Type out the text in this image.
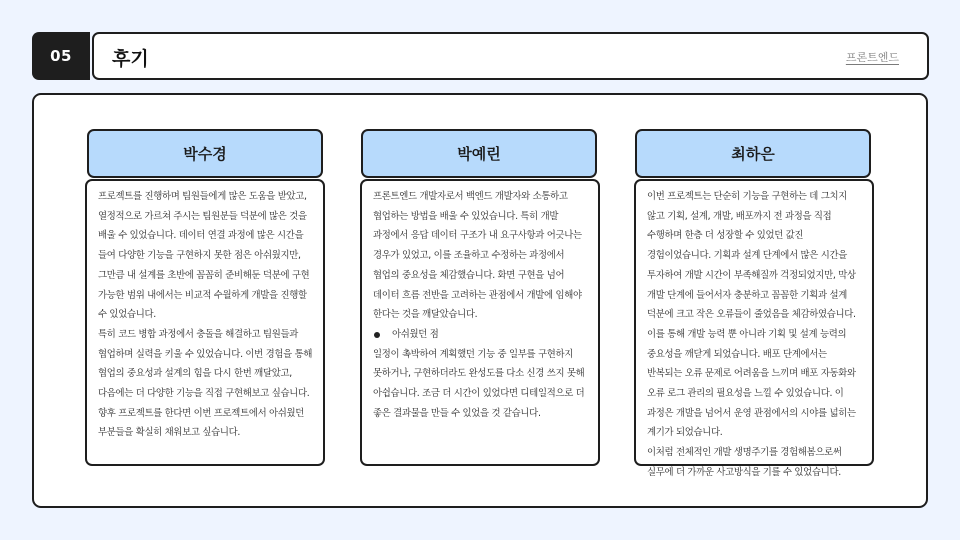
05	후기	프론트엔드
박수경

프로젝트를 진행하며 팀원들에게 많은 도움을 받았고, 열정적으로 가르쳐 주시는 팀원분들 덕분에 많은 것을 배울 수 있었습니다. 데이터 연결 과정에 많은 시간을 들여 다양한 기능을 구현하지 못한 점은 아쉬웠지만, 그만큼 내 설계를 초반에 꼼꼼히 준비해둔 덕분에 구현 가능한 범위 내에서는 비교적 수월하게 개발을 진행할 수 있었습니다.

특히 코드 병합 과정에서 충돌을 해결하고 팀원들과 협업하며 실력을 키울 수 있었습니다. 이번 경험을 통해 협업의 중요성과 설계의 힘을 다시 한번 깨달았고, 다음에는 더 다양한 기능을 직접 구현해보고 싶습니다.

향후 프로젝트를 한다면 이번 프로젝트에서 아쉬웠던 부분들을 확실히 채워보고 싶습니다.

박예린

프론트엔드 개발자로서 백엔드 개발자와 소통하고 협업하는 방법을 배울 수 있었습니다. 특히 개발 과정에서 응답 데이터 구조가 내 요구사항과 어긋나는 경우가 있었고, 이를 조율하고 수정하는 과정에서 협업의 중요성을 체감했습니다. 화면 구현을 넘어 데이터 흐름 전반을 고려하는 관점에서 개발에 임해야 한다는 것을 깨달았습니다.

아쉬웠던 점

일정이 촉박하여 계획했던 기능 중 일부를 구현하지 못하거나, 구현하더라도 완성도를 다소 신경 쓰지 못해 아쉽습니다. 조금 더 시간이 있었다면 디테일적으로 더 좋은 결과물을 만들 수 있었을 것 같습니다.

최하은

이번 프로젝트는 단순히 기능을 구현하는 데 그치지 않고 기획, 설계, 개발, 배포까지 전 과정을 직접 수행하며 한층 더 성장할 수 있었던 값진 경험이었습니다. 기획과 설계 단계에서 많은 시간을 투자하여 개발 시간이 부족해질까 걱정되었지만, 막상 개발 단계에 들어서자 충분하고 꼼꼼한 기획과 설계 덕분에 크고 작은 오류들이 줄었음을 체감하였습니다. 이를 통해 개발 능력 뿐 아니라 기획 및 설계 능력의 중요성을 깨닫게 되었습니다. 배포 단계에서는 반복되는 오류 문제로 어려움을 느끼며 배포 자동화와 오류 로그 관리의 필요성을 느낄 수 있었습니다. 이 과정은 개발을 넘어서 운영 관점에서의 시야를 넓히는 계기가 되었습니다.

이처럼 전체적인 개발 생명주기를 경험해봄으로써 실무에 더 가까운 사고방식을 기를 수 있었습니다.
